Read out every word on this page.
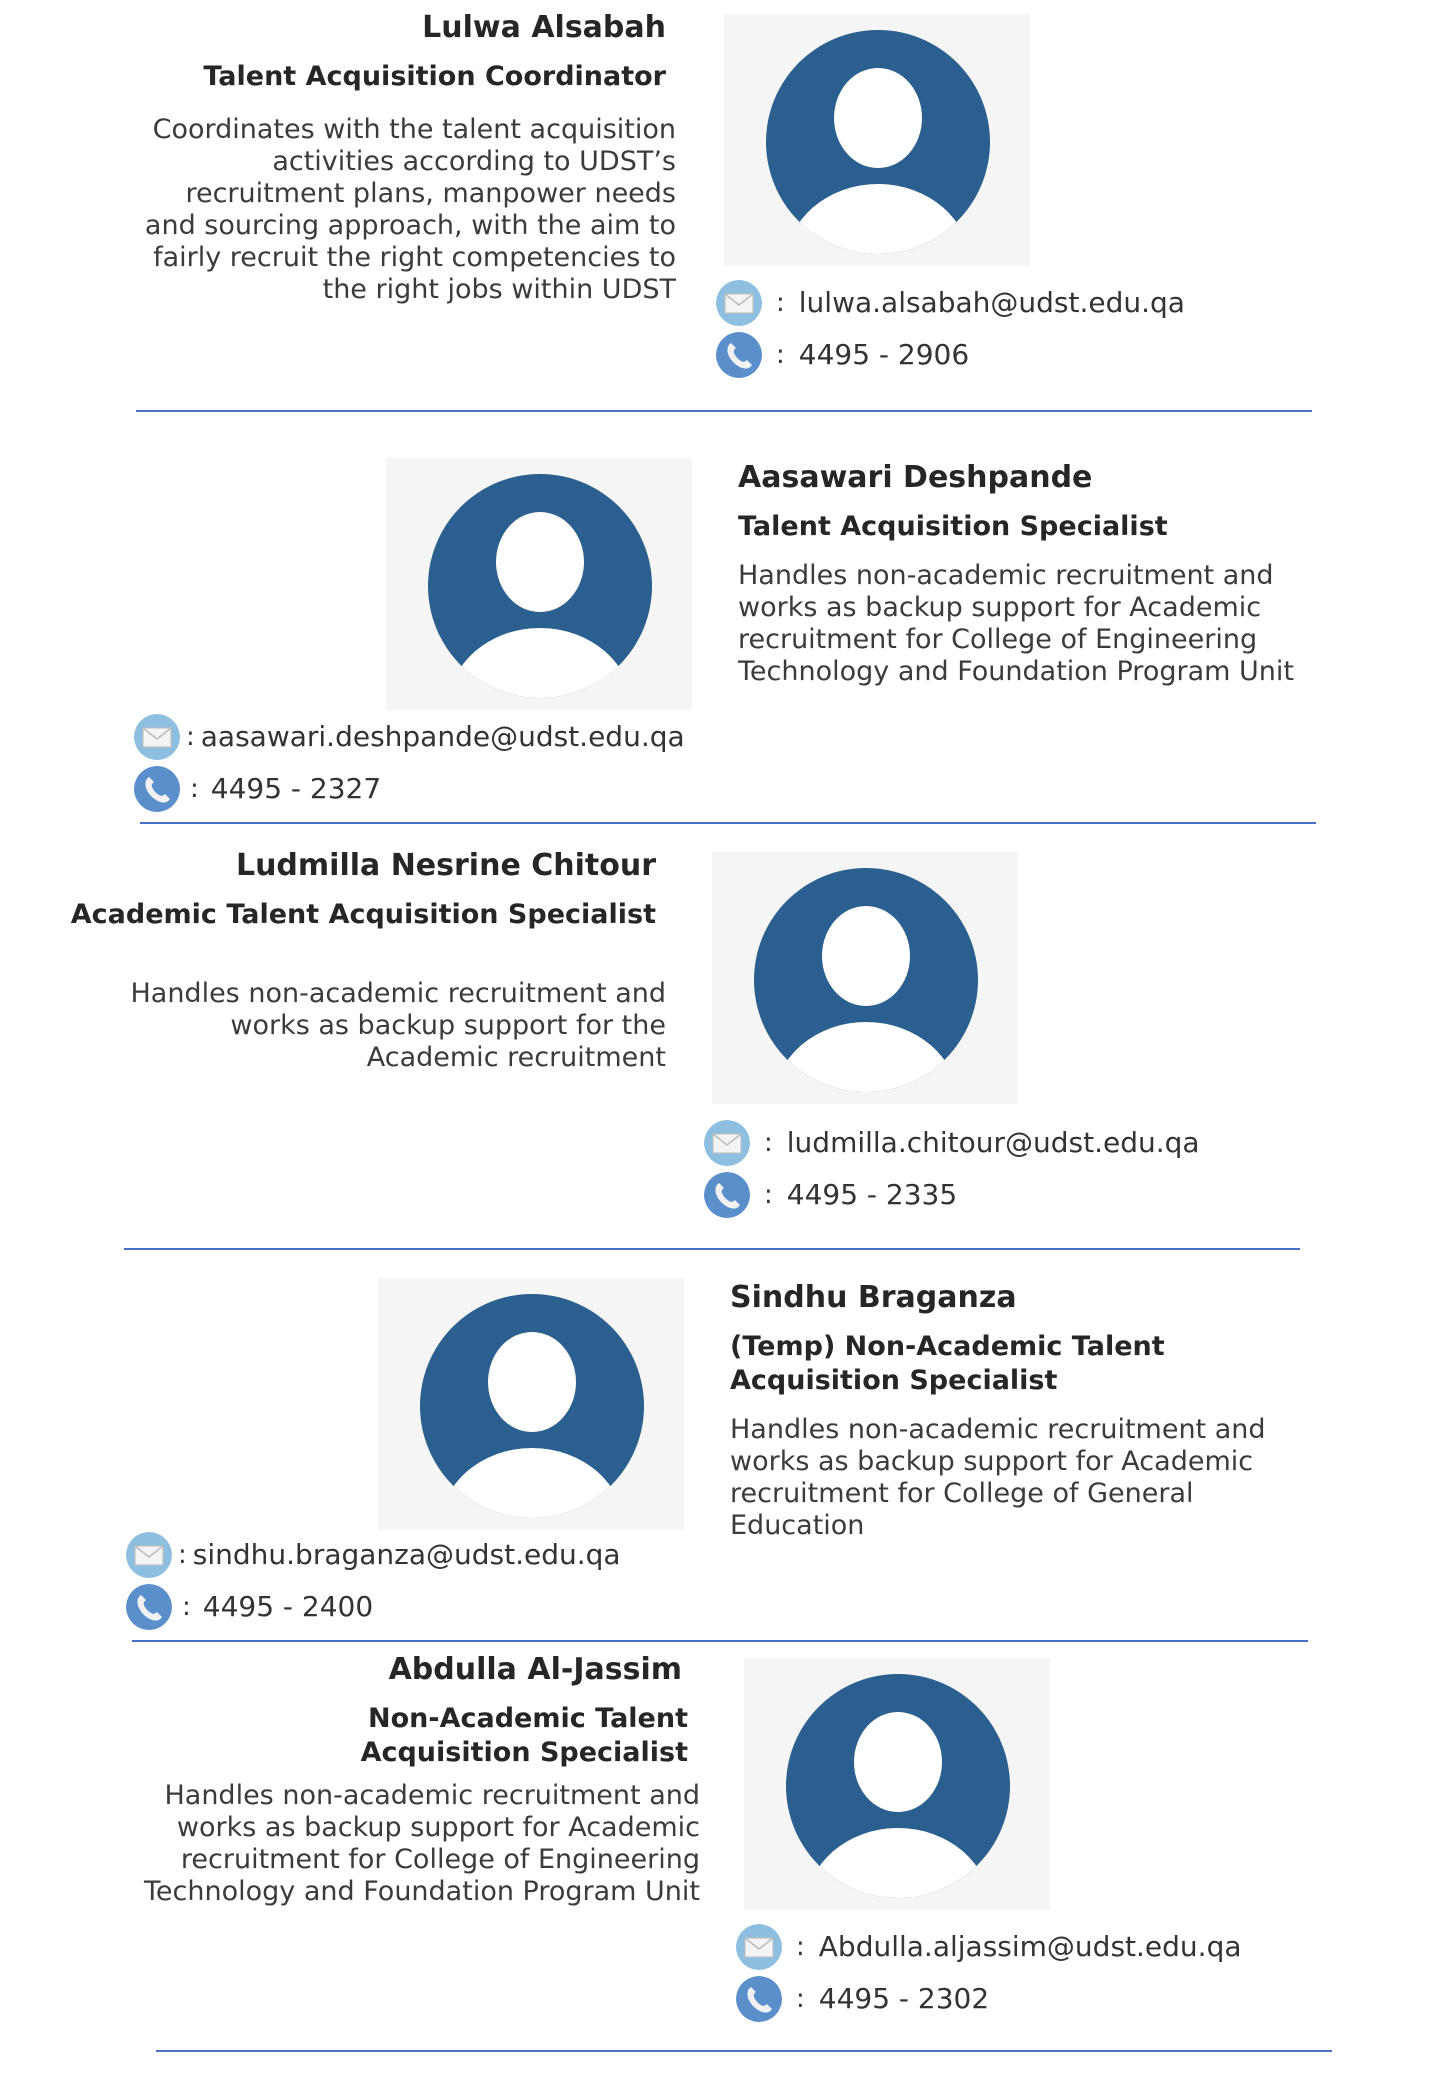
Lulwa Alsabah
Talent Acquisition Coordinator
Coordinates with the talent acquisition activities according to UDST’s recruitment plans, manpower needs and sourcing approach, with the aim to fairly recruit the right competencies to the right jobs within UDST	: lulwa.alsabah@udst.edu.qa
: 4495 - 2906
Aasawari Deshpande
Talent Acquisition Specialist
Handles non-academic recruitment and works as backup support for Academic recruitment for College of Engineering Technology and Foundation Program Unit
: aasawari.deshpande@udst.edu.qa
: 4495 - 2327
Ludmilla Nesrine Chitour
Academic Talent Acquisition Specialist
Handles non-academic recruitment and works as backup support for the Academic recruitment
: ludmilla.chitour@udst.edu.qa
: 4495 - 2335
Sindhu Braganza
(Temp) Non-Academic Talent Acquisition Specialist
Handles non-academic recruitment and works as backup support for Academic recruitment for College of General Education
: sindhu.braganza@udst.edu.qa
: 4495 - 2400
Abdulla Al-Jassim
Non-Academic Talent Acquisition Specialist
Handles non-academic recruitment and works as backup support for Academic recruitment for College of Engineering Technology and Foundation Program Unit
: Abdulla.aljassim@udst.edu.qa
: 4495 - 2302
